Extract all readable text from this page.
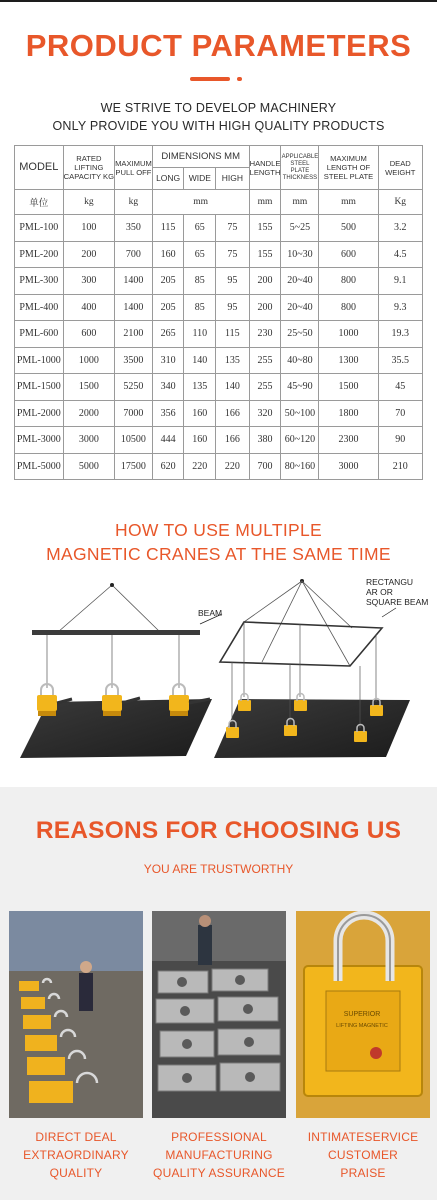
PRODUCT PARAMETERS
WE STRIVE TO DEVELOP MACHINERY
ONLY PROVIDE YOU WITH HIGH QUALITY PRODUCTS
MODEL	RATED LIFTING CAPACITY KG	MAXIMUM PULL OFF	DIMENSIONS MM			HANDLE LENGTH	APPLICABLE STEEL PLATE THICKNESS	MAXIMUM LENGTH OF STEEL PLATE	DEAD WEIGHT
			LONG	WIDE	HIGH				
单位	kg	kg	mm			mm	mm	mm	Kg
PML-100	100	350	115	65	75	155	5~25	500	3.2
PML-200	200	700	160	65	75	155	10~30	600	4.5
PML-300	300	1400	205	85	95	200	20~40	800	9.1
PML-400	400	1400	205	85	95	200	20~40	800	9.3
PML-600	600	2100	265	110	115	230	25~50	1000	19.3
PML-1000	1000	3500	310	140	135	255	40~80	1300	35.5
PML-1500	1500	5250	340	135	140	255	45~90	1500	45
PML-2000	2000	7000	356	160	166	320	50~100	1800	70
PML-3000	3000	10500	444	160	166	380	60~120	2300	90
PML-5000	5000	17500	620	220	220	700	80~160	3000	210
HOW TO USE MULTIPLE
MAGNETIC CRANES AT THE SAME TIME
BEAM
RECTANGU
AR OR
SQUARE BEAM
REASONS FOR CHOOSING US
YOU ARE TRUSTWORTHY
SUPERIOR
LIFTING MAGNETIC
DIRECT DEAL
EXTRAORDINARY
QUALITY
PROFESSIONAL
MANUFACTURING
QUALITY ASSURANCE
INTIMATESERVICE
CUSTOMER
PRAISE
